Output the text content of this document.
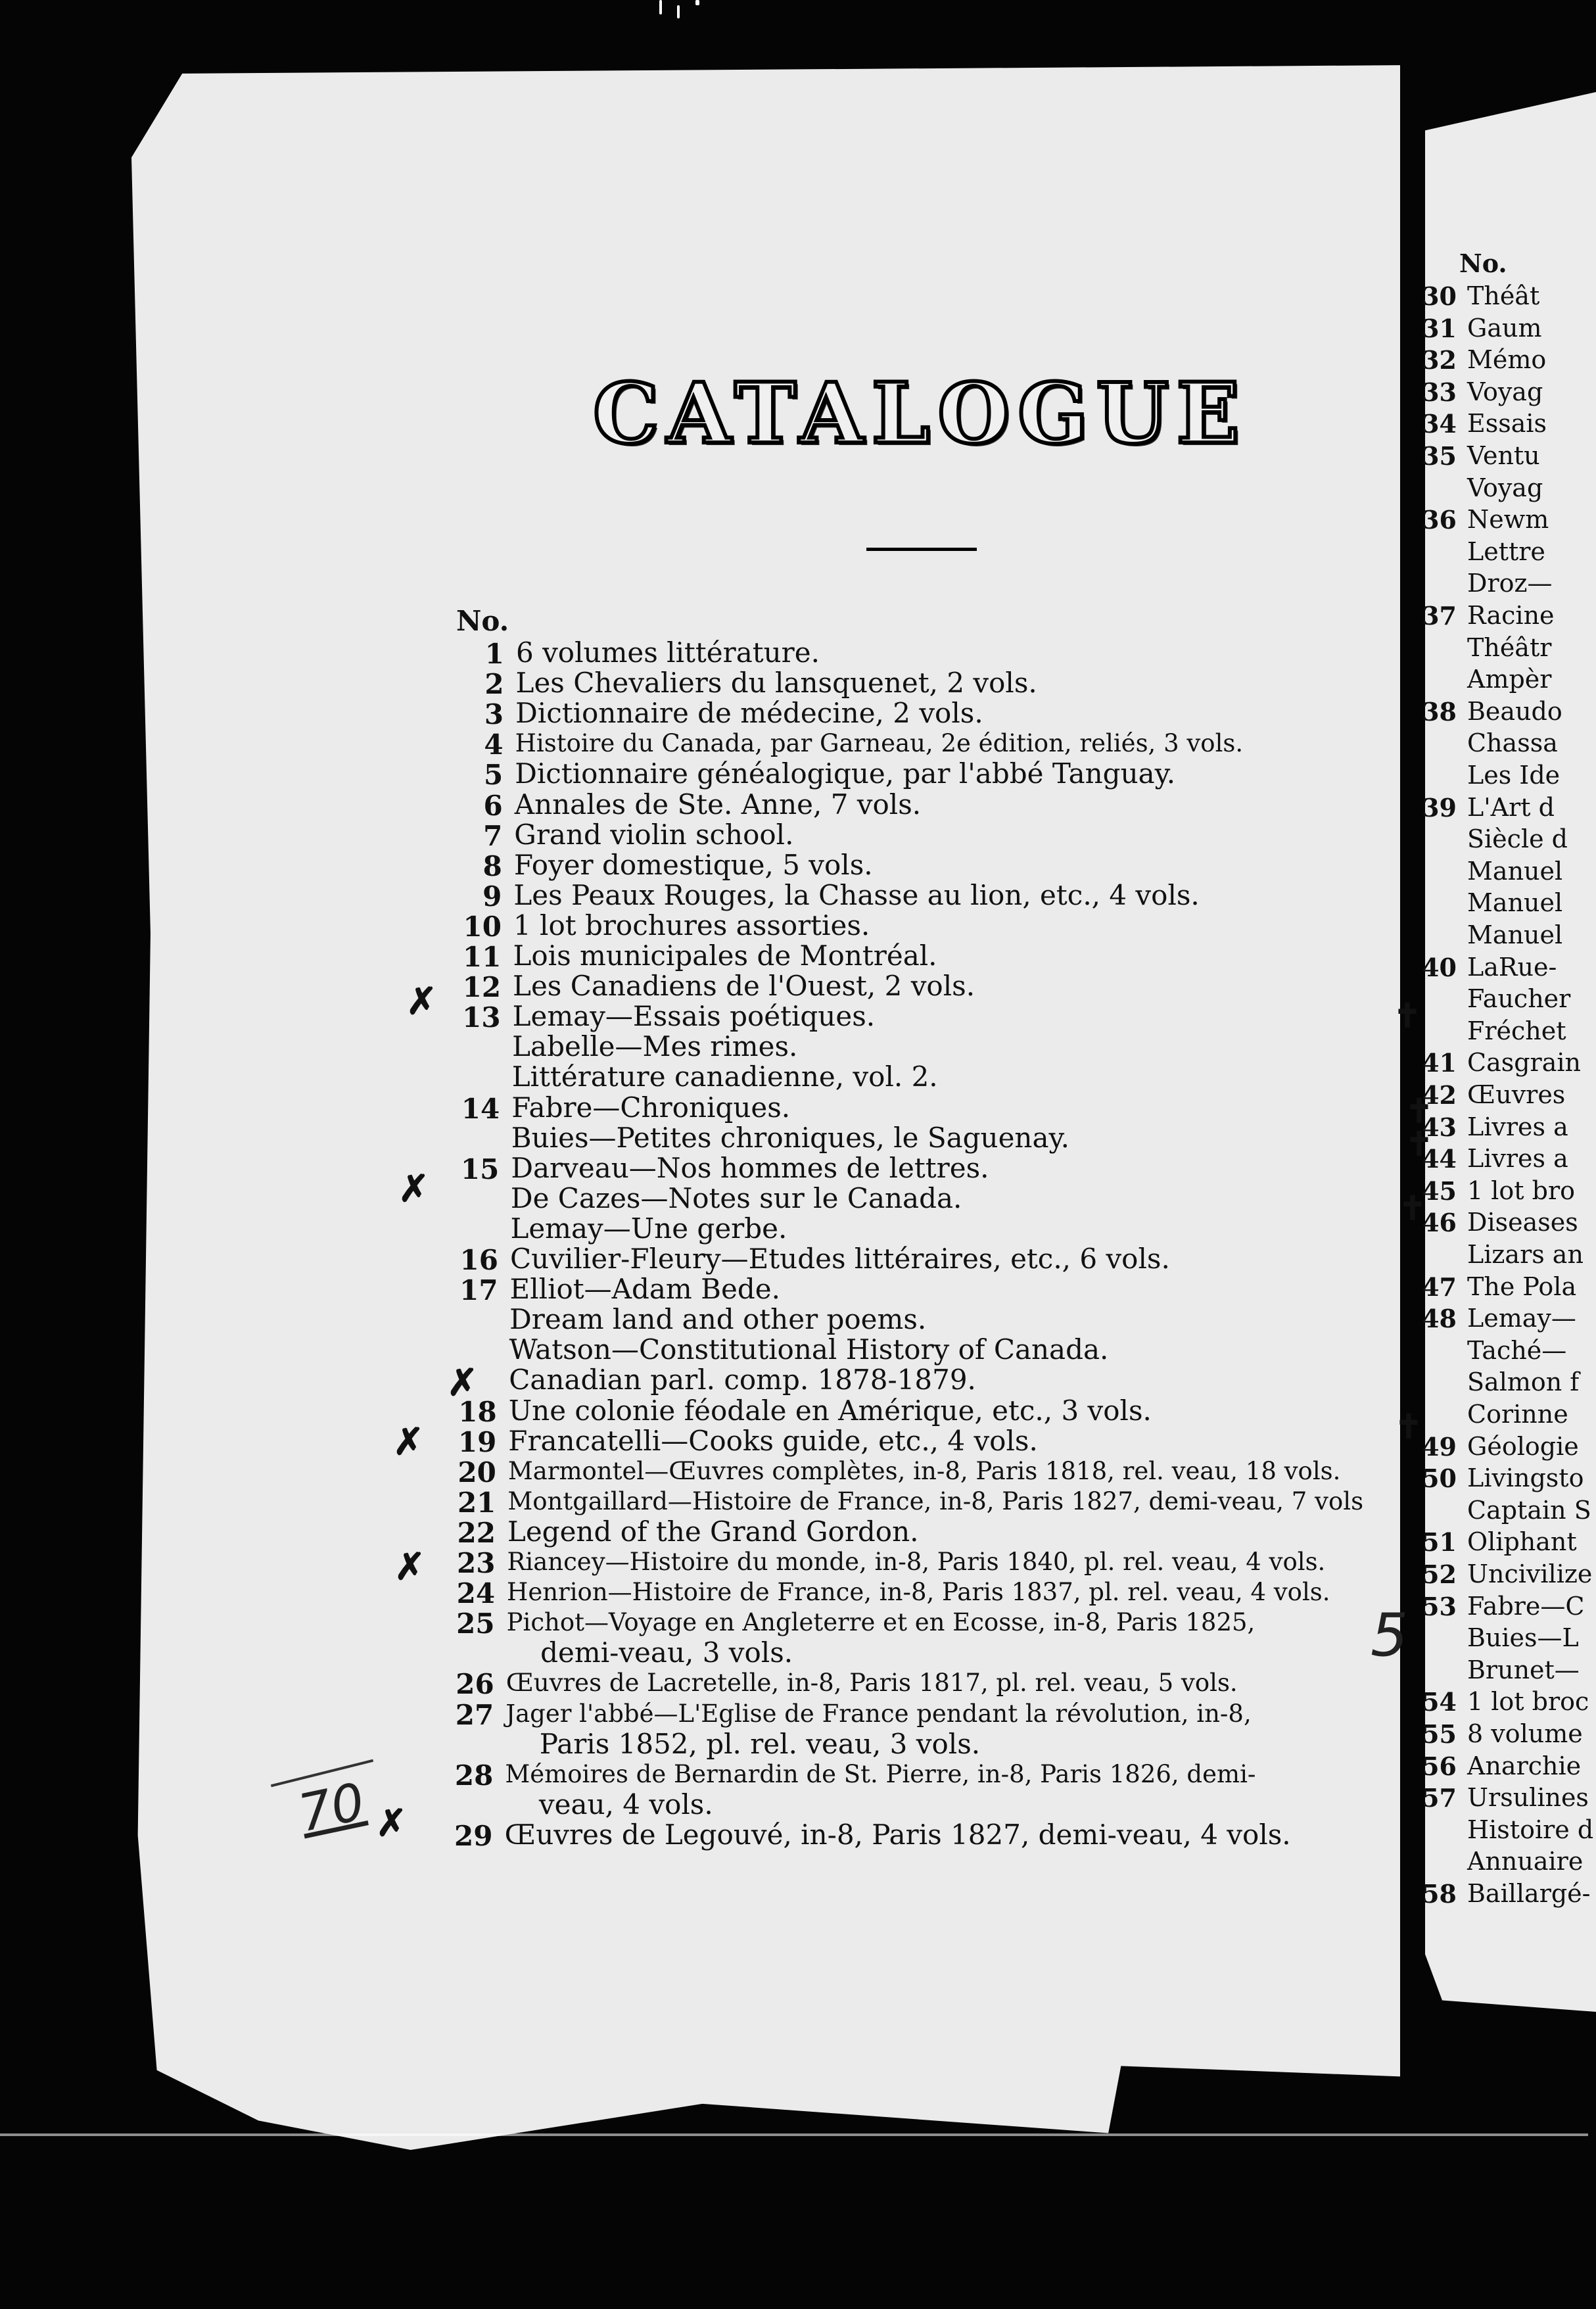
CATALOGUE
No.
1 6 volumes littérature.
2 Les Chevaliers du lansquenet, 2 vols.
3 Dictionnaire de médecine, 2 vols.
4 Histoire du Canada, par Garneau, 2e édition, reliés, 3 vols.
5 Dictionnaire généalogique, par l'abbé Tanguay.
6 Annales de Ste. Anne, 7 vols.
7 Grand violin school.
8 Foyer domestique, 5 vols.
9 Les Peaux Rouges, la Chasse au lion, etc., 4 vols.
10 1 lot brochures assorties.
11 Lois municipales de Montréal.
12 Les Canadiens de l'Ouest, 2 vols.
13 Lemay—Essais poétiques.
Labelle—Mes rimes.
Littérature canadienne, vol. 2.
14 Fabre—Chroniques.
Buies—Petites chroniques, le Saguenay.
15 Darveau—Nos hommes de lettres.
De Cazes—Notes sur le Canada.
Lemay—Une gerbe.
16 Cuvilier-Fleury—Etudes littéraires, etc., 6 vols.
17 Elliot—Adam Bede.
Dream land and other poems.
Watson—Constitutional History of Canada.
Canadian parl. comp. 1878-1879.
18 Une colonie féodale en Amérique, etc., 3 vols.
19 Francatelli—Cooks guide, etc., 4 vols.
20 Marmontel—Œuvres complètes, in-8, Paris 1818, rel. veau, 18 vols.
21 Montgaillard—Histoire de France, in-8, Paris 1827, demi-veau, 7 vols
22 Legend of the Grand Gordon.
23 Riancey—Histoire du monde, in-8, Paris 1840, pl. rel. veau, 4 vols.
24 Henrion—Histoire de France, in-8, Paris 1837, pl. rel. veau, 4 vols.
25 Pichot—Voyage en Angleterre et en Ecosse, in-8, Paris 1825,
demi-veau, 3 vols.
26 Œuvres de Lacretelle, in-8, Paris 1817, pl. rel. veau, 5 vols.
27 Jager l'abbé—L'Eglise de France pendant la révolution, in-8,
Paris 1852, pl. rel. veau, 3 vols.
28 Mémoires de Bernardin de St. Pierre, in-8, Paris 1826, demi-
veau, 4 vols.
29 Œuvres de Legouvé, in-8, Paris 1827, demi-veau, 4 vols.
✗
✗
✗
✗
✗
✗
70
No.
30 Théât
31 Gaum
32 Mémo
33 Voyag
34 Essais
35 Ventu
Voyag
36 Newm
Lettre
Droz—
37 Racine
Théâtr
Ampèr
38 Beaudo
Chassa
Les Ide
39 L'Art d
Siècle d
Manuel
Manuel
Manuel
40 LaRue-
Faucher
Fréchet
41 Casgrain
42 Œuvres
43 Livres a
44 Livres a
45 1 lot bro
46 Diseases
Lizars an
47 The Pola
48 Lemay—
Taché—
Salmon f
Corinne
49 Géologie
50 Livingsto
Captain S
51 Oliphant
52 Uncivilize
53 Fabre—C
Buies—L
Brunet—
54 1 lot broc
55 8 volume
56 Anarchie
57 Ursulines
Histoire d
Annuaire
58 Baillargé-
✝
✝
✝
✝
✝
5
